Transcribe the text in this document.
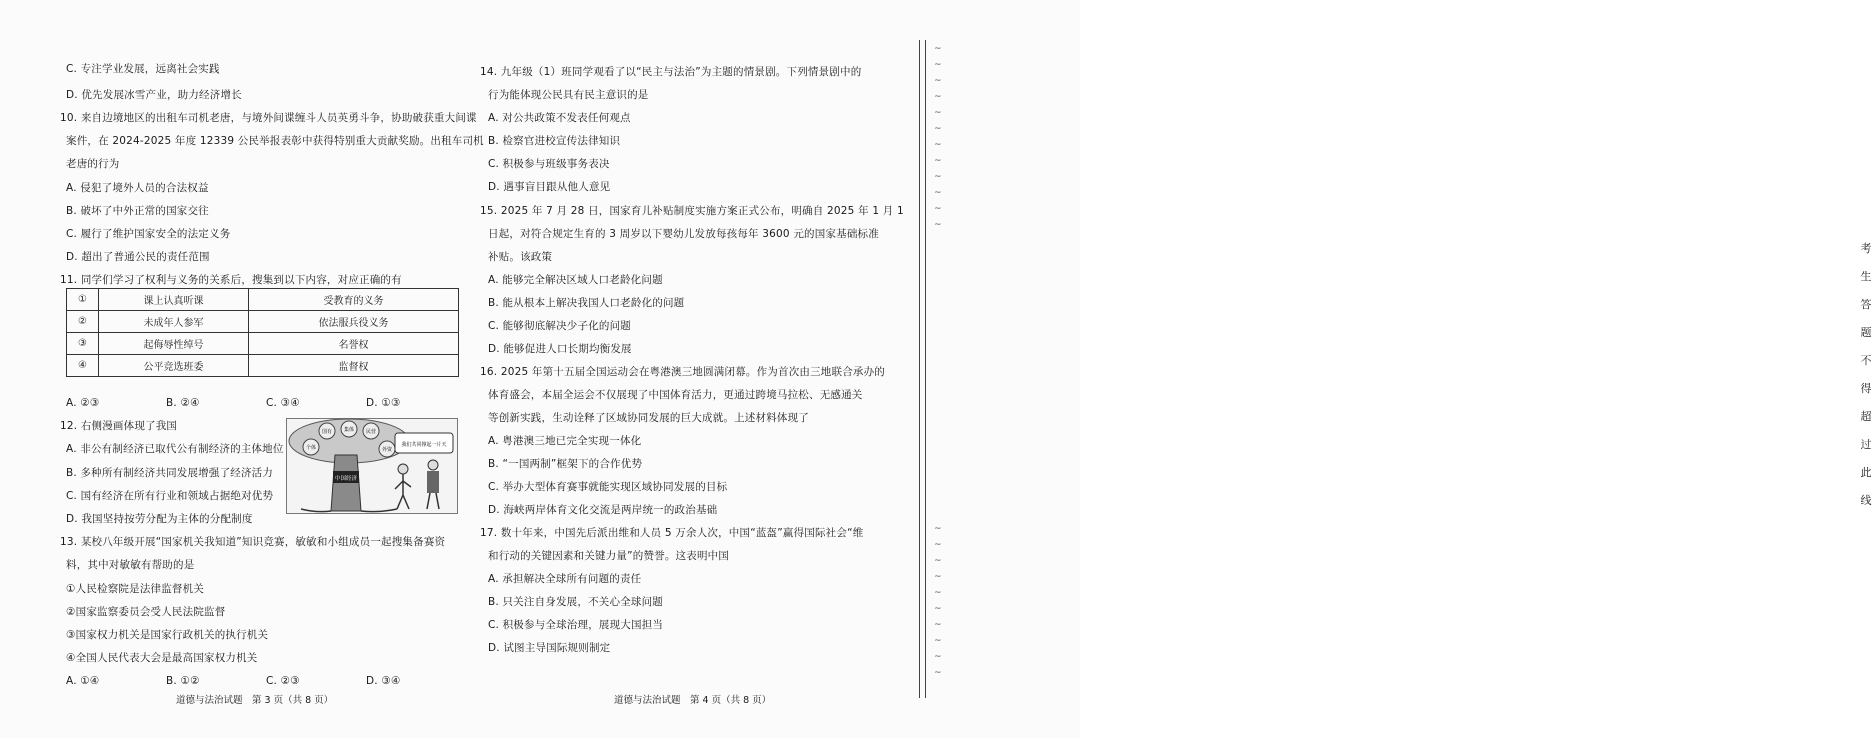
C. 专注学业发展，远离社会实践
D. 优先发展冰雪产业，助力经济增长
10. 来自边境地区的出租车司机老唐，与境外间谍缠斗人员英勇斗争，协助破获重大间谍
案件，在 2024-2025 年度 12339 公民举报表彰中获得特别重大贡献奖励。出租车司机
老唐的行为
A. 侵犯了境外人员的合法权益
B. 破坏了中外正常的国家交往
C. 履行了维护国家安全的法定义务
D. 超出了普通公民的责任范围
11. 同学们学习了权利与义务的关系后，搜集到以下内容，对应正确的有
①	课上认真听课	受教育的义务
②	未成年人参军	依法服兵役义务
③	起侮辱性绰号	名誉权
④	公平竞选班委	监督权
A. ②③	B. ②④	C. ③④	D. ①③
12. 右侧漫画体现了我国
A. 非公有制经济已取代公有制经济的主体地位
B. 多种所有制经济共同发展增强了经济活力
C. 国有经济在所有行业和领域占据绝对优势
D. 我国坚持按劳分配为主体的分配制度
中国经济
国有 集体 民营
个体	外资
我们共同撑起一片天
13. 某校八年级开展“国家机关我知道”知识竞赛，敏敏和小组成员一起搜集备赛资
料，其中对敏敏有帮助的是
①人民检察院是法律监督机关
②国家监察委员会受人民法院监督
③国家权力机关是国家行政机关的执行机关
④全国人民代表大会是最高国家权力机关
A. ①④	B. ①②	C. ②③	D. ③④
道德与法治试题　第 3 页（共 8 页）
14. 九年级（1）班同学观看了以“民主与法治”为主题的情景剧。下列情景剧中的
行为能体现公民具有民主意识的是
A. 对公共政策不发表任何观点
B. 检察官进校宣传法律知识
C. 积极参与班级事务表决
D. 遇事盲目跟从他人意见
15. 2025 年 7 月 28 日，国家育儿补贴制度实施方案正式公布，明确自 2025 年 1 月 1
日起，对符合规定生育的 3 周岁以下婴幼儿发放每孩每年 3600 元的国家基础标准
补贴。该政策
A. 能够完全解决区域人口老龄化问题
B. 能从根本上解决我国人口老龄化的问题
C. 能够彻底解决少子化的问题
D. 能够促进人口长期均衡发展
16. 2025 年第十五届全国运动会在粤港澳三地圆满闭幕。作为首次由三地联合承办的
体育盛会，本届全运会不仅展现了中国体育活力，更通过跨境马拉松、无感通关
等创新实践，生动诠释了区域协同发展的巨大成就。上述材料体现了
A. 粤港澳三地已完全实现一体化
B. “一国两制”框架下的合作优势
C. 举办大型体育赛事就能实现区域协同发展的目标
D. 海峡两岸体育文化交流是两岸统一的政治基础
17. 数十年来，中国先后派出维和人员 5 万余人次，中国“蓝盔”赢得国际社会“维
和行动的关键因素和关键力量”的赞誉。这表明中国
A. 承担解决全球所有问题的责任
B. 只关注自身发展，不关心全球问题
C. 积极参与全球治理，展现大国担当
D. 试图主导国际规则制定
道德与法治试题　第 4 页（共 8 页）
考
生
答
题
不
得
超
过
此
线
~
~
~
~
~
~
~
~
~
~
~
~
~
~
~
~
~
~
~
~
~
~
